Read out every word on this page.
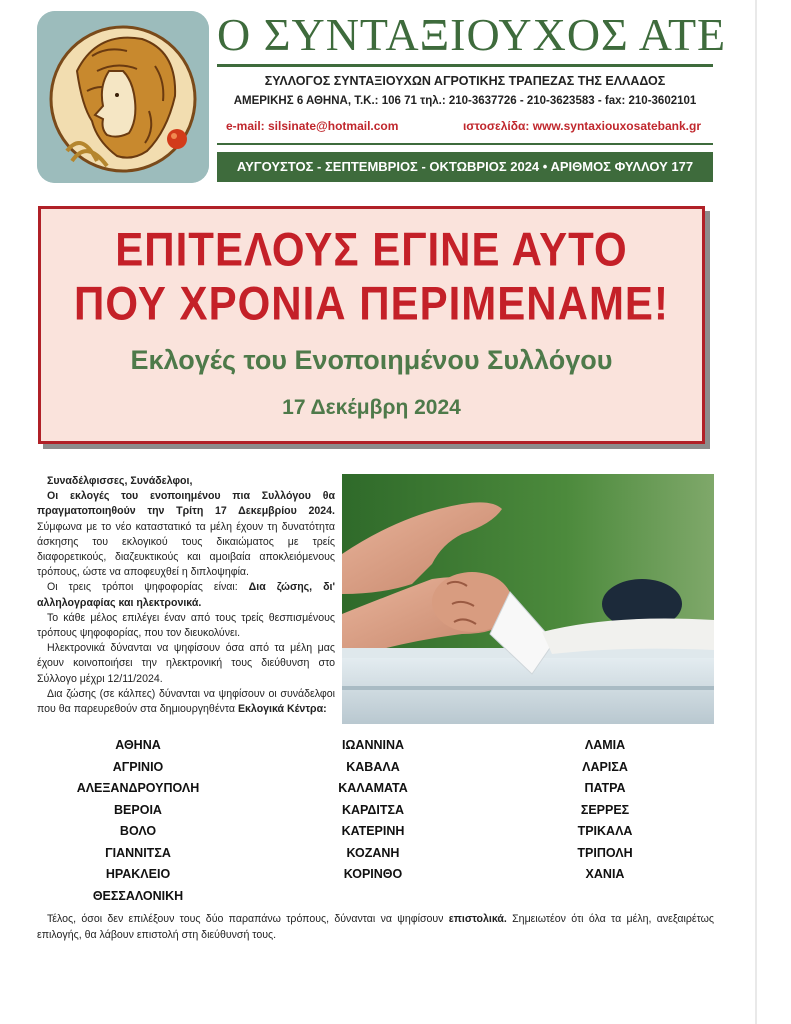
Ο ΣΥΝΤΑΞΙΟΥΧΟΣ ΑΤΕ
ΣΥΛΛΟΓΟΣ ΣΥΝΤΑΞΙΟΥΧΩΝ ΑΓΡΟΤΙΚΗΣ ΤΡΑΠΕΖΑΣ ΤΗΣ ΕΛΛΑΔΟΣ
ΑΜΕΡΙΚΗΣ 6 ΑΘΗΝΑ, Τ.Κ.: 106 71 τηλ.: 210-3637726 - 210-3623583 - fax: 210-3602101
e-mail: silsinate@hotmail.com	ιστοσελίδα: www.syntaxiouxosatebank.gr
ΑΥΓΟΥΣΤΟΣ - ΣΕΠΤΕΜΒΡΙΟΣ - ΟΚΤΩΒΡΙΟΣ 2024 • ΑΡΙΘΜΟΣ ΦΥΛΛΟΥ 177
ΕΠΙΤΕΛΟΥΣ ΕΓΙΝΕ ΑΥΤΟ
ΠΟΥ ΧΡΟΝΙΑ ΠΕΡΙΜΕΝΑΜΕ!
Εκλογές του Ενοποιημένου Συλλόγου
17 Δεκέμβρη 2024

Συναδέλφισσες, Συνάδελφοι,

Οι εκλογές του ενοποιημένου πια Συλλόγου θα πραγματοποιηθούν την Τρίτη 17 Δεκεμβρίου 2024. Σύμφωνα με το νέο καταστατικό τα μέλη έχουν τη δυνατότητα άσκησης του εκλογικού τους δικαιώματος με τρείς διαφορετικούς, διαζευκτικούς και αμοιβαία αποκλειόμενους τρόπους, ώστε να αποφευχθεί η διπλοψηφία.

Οι τρεις τρόποι ψηφοφορίας είναι: Δια ζώσης, δι' αλληλογραφίας και ηλεκτρονικά.

Το κάθε μέλος επιλέγει έναν από τους τρείς θεσπισμένους τρόπους ψηφοφορίας, που τον διευκολύνει.

Ηλεκτρονικά δύνανται να ψηφίσουν όσα από τα μέλη μας έχουν κοινοποιήσει την ηλεκτρονική τους διεύθυνση στο Σύλλογο μέχρι 12/11/2024.

Δια ζώσης (σε κάλπες) δύνανται να ψηφίσουν οι συνάδελφοι που θα παρευρεθούν στα δημιουργηθέντα Εκλογικά Κέντρα:

ΑΘΗΝΑ
ΑΓΡΙΝΙΟ
ΑΛΕΞΑΝΔΡΟΥΠΟΛΗ
ΒΕΡΟΙΑ
ΒΟΛΟ
ΓΙΑΝΝΙΤΣΑ
ΗΡΑΚΛΕΙΟ
ΘΕΣΣΑΛΟΝΙΚΗ
ΙΩΑΝΝΙΝΑ
ΚΑΒΑΛΑ
ΚΑΛΑΜΑΤΑ
ΚΑΡΔΙΤΣΑ
ΚΑΤΕΡΙΝΗ
ΚΟΖΑΝΗ
ΚΟΡΙΝΘΟ
ΛΑΜΙΑ
ΛΑΡΙΣΑ
ΠΑΤΡΑ
ΣΕΡΡΕΣ
ΤΡΙΚΑΛΑ
ΤΡΙΠΟΛΗ
ΧΑΝΙΑ
Τέλος, όσοι δεν επιλέξουν τους δύο παραπάνω τρόπους, δύνανται να ψηφίσουν επιστολικά. Σημειωτέον ότι όλα τα μέλη, ανεξαιρέτως επιλογής, θα λάβουν επιστολή στη διεύθυνσή τους.
